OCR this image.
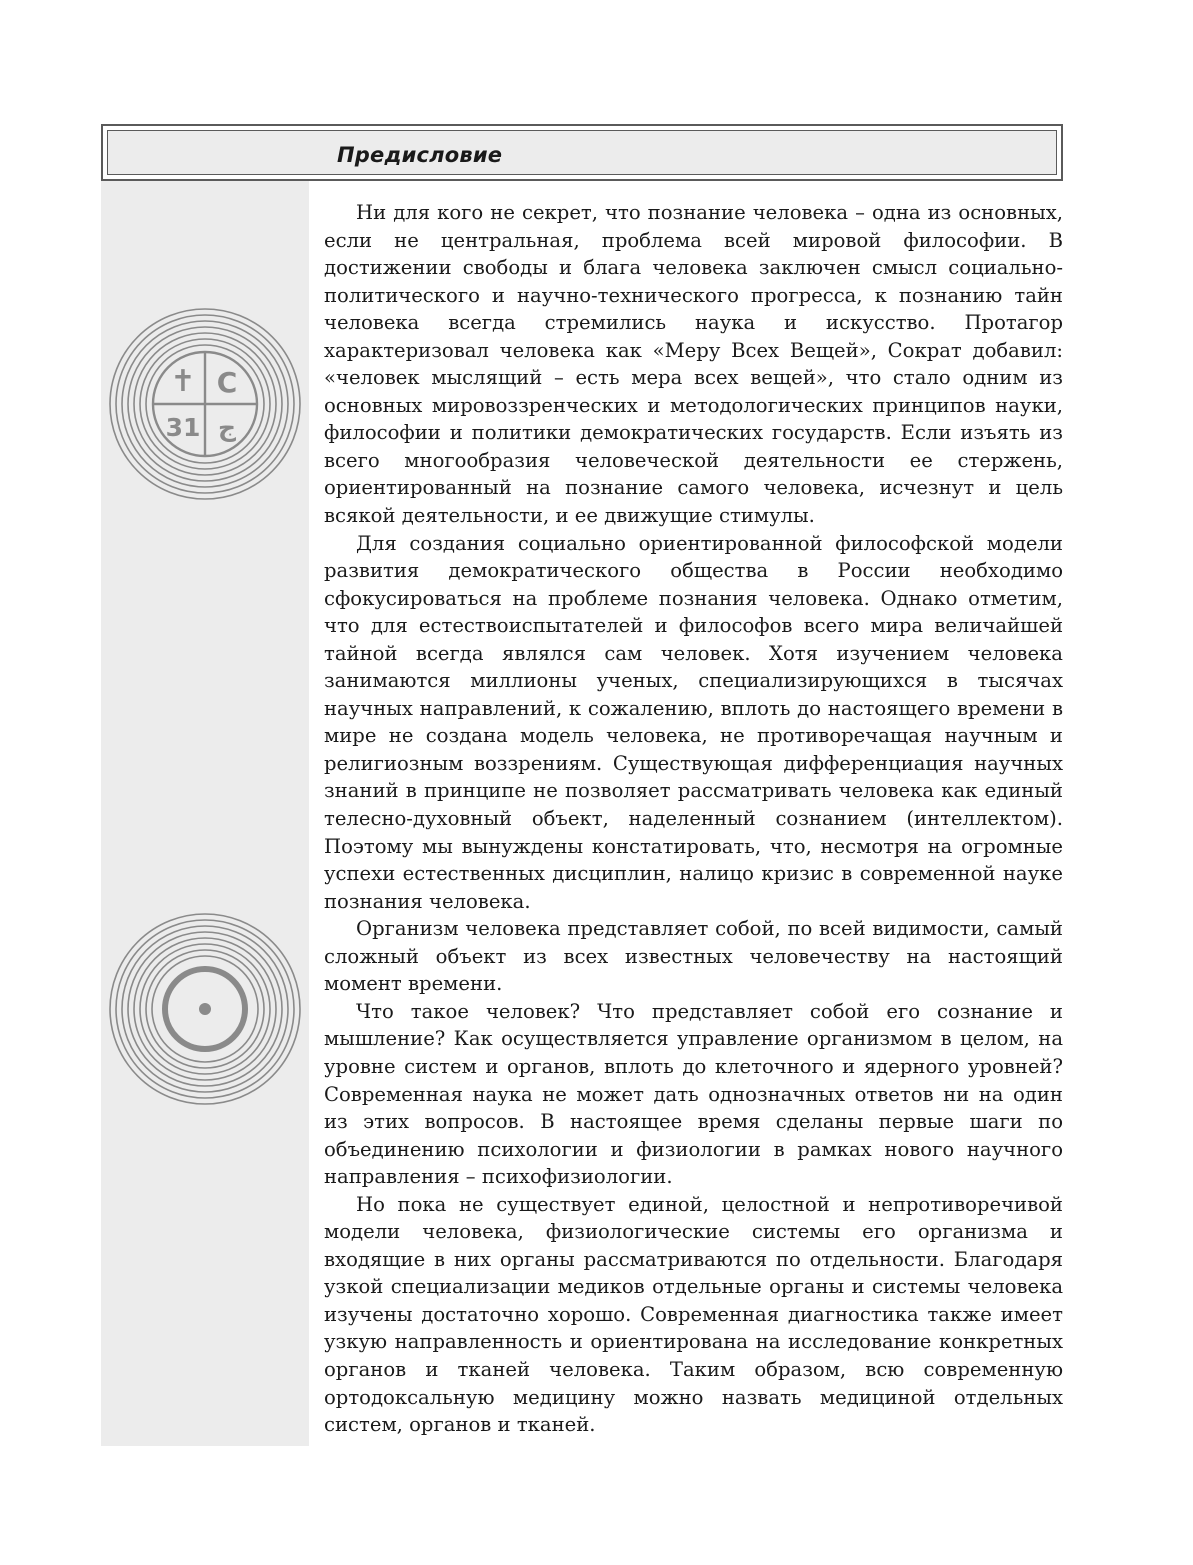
Предисловие
✝ С
31 ج

Ни для кого не секрет, что познание человека – одна из основных, если не центральная, проблема всей мировой философии. В достижении свободы и блага человека заключен смысл социально-политического и научно-технического прогресса, к познанию тайн человека всегда стремились наука и искусство. Протагор характеризовал человека как «Меру Всех Вещей», Сократ добавил: «человек мыслящий – есть мера всех вещей», что стало одним из основных мировоззренческих и методологических принципов науки, философии и политики демократических государств. Если изъять из всего многообразия человеческой деятельности ее стержень, ориентированный на познание самого человека, исчезнут и цель всякой деятельности, и ее движущие стимулы.

Для создания социально ориентированной философской модели развития демократического общества в России необходимо сфокусироваться на проблеме познания человека. Однако отметим, что для естествоиспытателей и философов всего мира величайшей тайной всегда являлся сам человек. Хотя изучением человека занимаются миллионы ученых, специализирующихся в тысячах научных направлений, к сожалению, вплоть до настоящего времени в мире не создана модель человека, не противоречащая научным и религиозным воззрениям. Существующая дифференциация научных знаний в принципе не позволяет рассматривать человека как единый телесно-духовный объект, наделенный сознанием (интеллектом). Поэтому мы вынуждены констатировать, что, несмотря на огромные успехи естественных дисциплин, налицо кризис в современной науке познания человека.

Организм человека представляет собой, по всей видимости, самый сложный объект из всех известных человечеству на настоящий момент времени.

Что такое человек? Что представляет собой его сознание и мышление? Как осуществляется управление организмом в целом, на уровне систем и органов, вплоть до клеточного и ядерного уровней? Современная наука не может дать однозначных ответов ни на один из этих вопросов. В настоящее время сделаны первые шаги по объединению психологии и физиологии в рамках нового научного направления – психофизиологии.

Но пока не существует единой, целостной и непротиворечивой модели человека, физиологические системы его организма и входящие в них органы рассматриваются по отдельности. Благодаря узкой специализации медиков отдельные органы и системы человека изучены достаточно хорошо. Современная диагностика также имеет узкую направленность и ориентирована на исследование конкретных органов и тканей человека. Таким образом, всю современную ортодоксальную медицину можно назвать медициной отдельных систем, органов и тканей.
